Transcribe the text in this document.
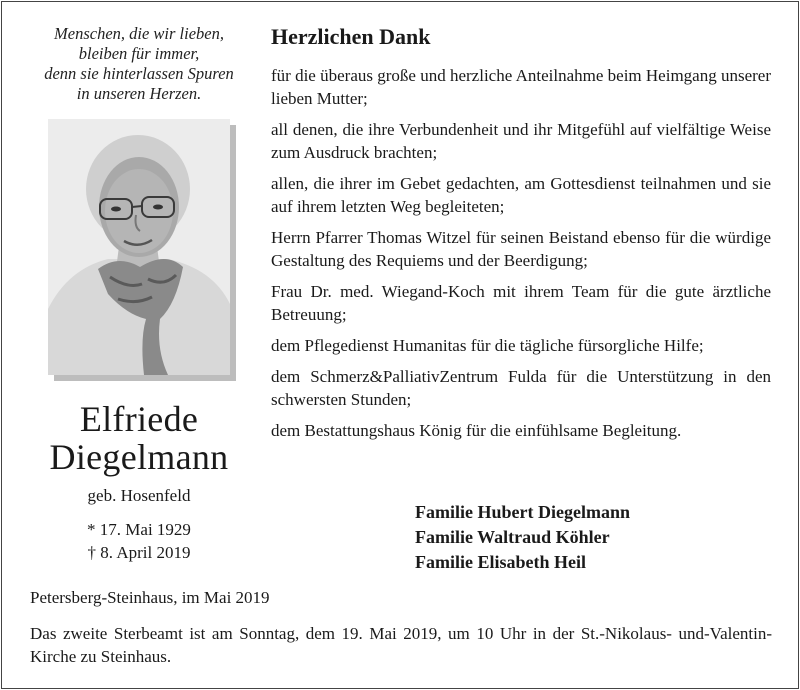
Menschen, die wir lieben,
bleiben für immer,
denn sie hinterlassen Spuren
in unseren Herzen.
Elfriede
Diegelmann
geb. Hosenfeld
* 17. Mai 1929
† 8. April 2019
Herzlichen Dank

für die überaus große und herzliche Anteilnahme beim Heimgang unserer lieben Mutter;

all denen, die ihre Verbundenheit und ihr Mitgefühl auf vielfältige Weise zum Ausdruck brachten;

allen, die ihrer im Gebet gedachten, am Gottesdienst teilnahmen und sie auf ihrem letzten Weg begleiteten;

Herrn Pfarrer Thomas Witzel für seinen Beistand ebenso für die würdige Gestaltung des Requiems und der Beerdigung;

Frau Dr. med. Wiegand-Koch mit ihrem Team für die gute ärztliche Betreuung;

dem Pflegedienst Humanitas für die tägliche fürsorgliche Hilfe;

dem Schmerz&PalliativZentrum Fulda für die Unterstützung in den schwersten Stunden;

dem Bestattungshaus König für die einfühlsame Begleitung.

Familie Hubert Diegelmann
Familie Waltraud Köhler
Familie Elisabeth Heil
Petersberg-Steinhaus, im Mai 2019
Das zweite Sterbeamt ist am Sonntag, dem 19. Mai 2019, um 10 Uhr in der St.-Nikolaus- und-Valentin-Kirche zu Steinhaus.
